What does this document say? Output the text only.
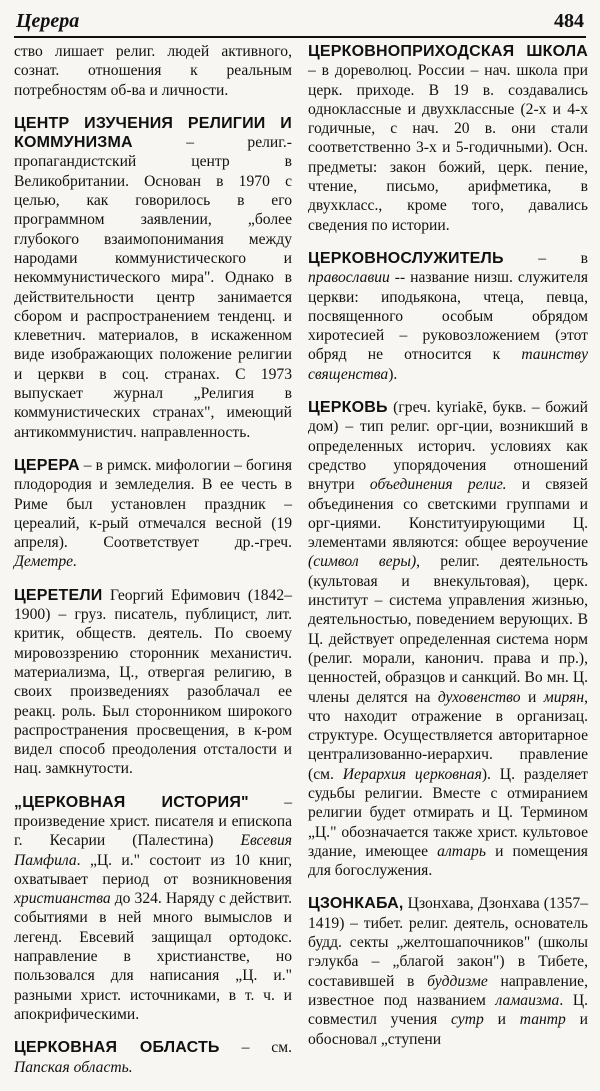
Церера	484

ство лишает религ. людей активного, сознат. отношения к реальным потребностям об-ва и личности.

ЦЕНТР ИЗУЧЕНИЯ РЕЛИГИИ И КОММУНИЗМА – религ.-пропагандистский центр в Великобритании. Основан в 1970 с целью, как говорилось в его программном заявлении, „более глубокого взаимопонимания между народами коммунистического и некоммунистического мира". Однако в действительности центр занимается сбором и распространением тенденц. и клеветнич. материалов, в искаженном виде изображающих положение религии и церкви в соц. странах. С 1973 выпускает журнал „Религия в коммунистических странах", имеющий антикоммунистич. направленность.

ЦЕРЕРА – в римск. мифологии – богиня плодородия и земледелия. В ее честь в Риме был установлен праздник – цереалий, к-рый отмечался весной (19 апреля). Соответствует др.-греч. Деметре.

ЦЕРЕТЕЛИ Георгий Ефимович (1842–1900) – груз. писатель, публицист, лит. критик, обществ. деятель. По своему мировоззрению сторонник механистич. материализма, Ц., отвергая религию, в своих произведениях разоблачал ее реакц. роль. Был сторонником широкого распространения просвещения, в к-ром видел способ преодоления отсталости и нац. замкнутости.

„ЦЕРКОВНАЯ ИСТОРИЯ" – произведение христ. писателя и епископа г. Кесарии (Палестина) Евсевия Памфила. „Ц. и." состоит из 10 книг, охватывает период от возникновения христианства до 324. Наряду с действит. событиями в ней много вымыслов и легенд. Евсевий защищал ортодокс. направление в христианстве, но пользовался для написания „Ц. и." разными христ. источниками, в т. ч. и апокрифическими.

ЦЕРКОВНАЯ ОБЛАСТЬ – см. Папская область.

ЦЕРКОВНОПРИХОДСКАЯ ШКОЛА – в дореволюц. России – нач. школа при церк. приходе. В 19 в. создавались одноклассные и двухклассные (2-х и 4-х годичные, с нач. 20 в. они стали соответственно 3-х и 5-годичными). Осн. предметы: закон божий, церк. пение, чтение, письмо, арифметика, в двухкласс., кроме того, давались сведения по истории.

ЦЕРКОВНОСЛУЖИТЕЛЬ – в православии -- название низш. служителя церкви: иподьякона, чтеца, певца, посвященного особым обрядом хиротесией – руковозложением (этот обряд не относится к таинству священства).

ЦЕРКОВЬ (греч. kyriakē, букв. – божий дом) – тип религ. орг-ции, возникший в определенных историч. условиях как средство упорядочения отношений внутри объединения религ. и связей объединения со светскими группами и орг-циями. Конституирующими Ц. элементами являются: общее вероучение (символ веры), религ. деятельность (культовая и внекультовая), церк. институт – система управления жизнью, деятельностью, поведением верующих. В Ц. действует определенная система норм (религ. морали, канонич. права и пр.), ценностей, образцов и санкций. Во мн. Ц. члены делятся на духовенство и мирян, что находит отражение в организац. структуре. Осуществляется авторитарное централизованно-иерархич. правление (см. Иерархия церковная). Ц. разделяет судьбы религии. Вместе с отмиранием религии будет отмирать и Ц. Термином „Ц." обозначается также христ. культовое здание, имеющее алтарь и помещения для богослужения.

ЦЗОНКАБА, Цзонхава, Дзонхава (1357–1419) – тибет. религ. деятель, основатель будд. секты „желтошапочников" (школы гэлукба – „благой закон") в Тибете, составившей в буддизме направление, известное под названием ламаизма. Ц. совместил учения сутр и тантр и обосновал „ступени
